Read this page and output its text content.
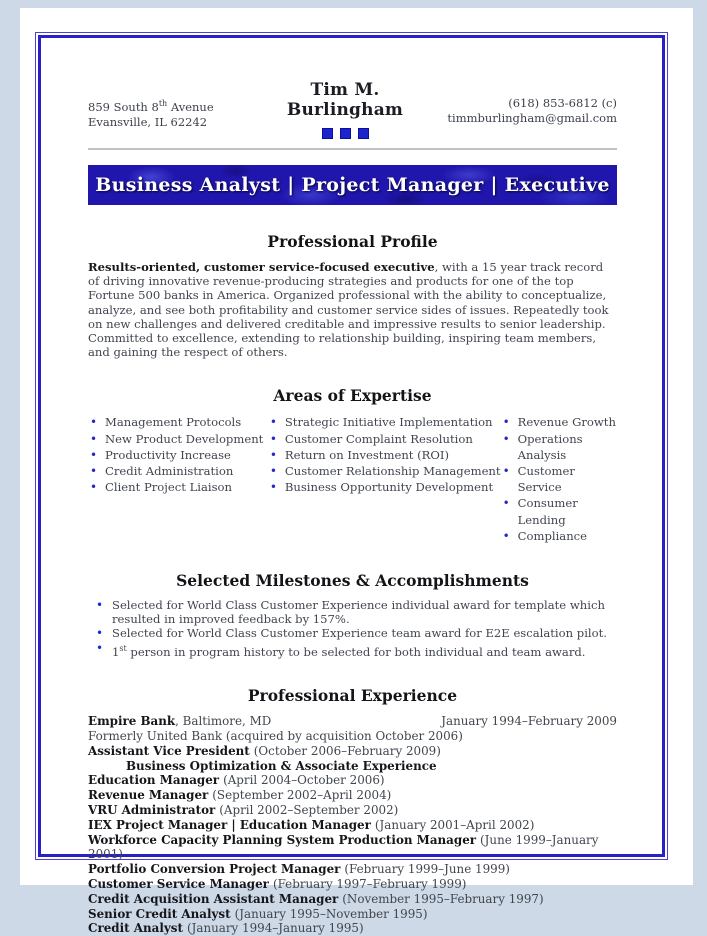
859 South 8th Avenue
Evansville, IL 62242
Tim M. Burlingham	(618) 853-6812 (c)
timmburlingham@gmail.com
Business Analyst | Project Manager | Executive
Professional Profile

Results-oriented, customer service-focused executive, with a 15 year track record of driving innovative revenue-producing strategies and products for one of the top Fortune 500 banks in America. Organized professional with the ability to conceptualize, analyze, and see both profitability and customer service sides of issues. Repeatedly took on new challenges and delivered creditable and impressive results to senior leadership. Committed to excellence, extending to relationship building, inspiring team members, and gaining the respect of others.

Areas of Expertise
• Management Protocols
• New Product Development
• Productivity Increase
• Credit Administration
• Client Project Liaison
• Strategic Initiative Implementation
• Customer Complaint Resolution
• Return on Investment (ROI)
• Customer Relationship Management
• Business Opportunity Development
• Revenue Growth
• Operations Analysis
• Customer Service
• Consumer Lending
• Compliance
Selected Milestones & Accomplishments
• Selected for World Class Customer Experience individual award for template which resulted in improved feedback by 157%.
• Selected for World Class Customer Experience team award for E2E escalation pilot.
• 1st person in program history to be selected for both individual and team award.
Professional Experience
Empire Bank, Baltimore, MD	January 1994–February 2009
Formerly United Bank (acquired by acquisition October 2006)
Assistant Vice President (October 2006–February 2009)
Business Optimization & Associate Experience
Education Manager (April 2004–October 2006)
Revenue Manager (September 2002–April 2004)
VRU Administrator (April 2002–September 2002)
IEX Project Manager | Education Manager (January 2001–April 2002)
Workforce Capacity Planning System Production Manager (June 1999–January 2001)
Portfolio Conversion Project Manager (February 1999–June 1999)
Customer Service Manager (February 1997–February 1999)
Credit Acquisition Assistant Manager (November 1995–February 1997)
Senior Credit Analyst (January 1995–November 1995)
Credit Analyst (January 1994–January 1995)
